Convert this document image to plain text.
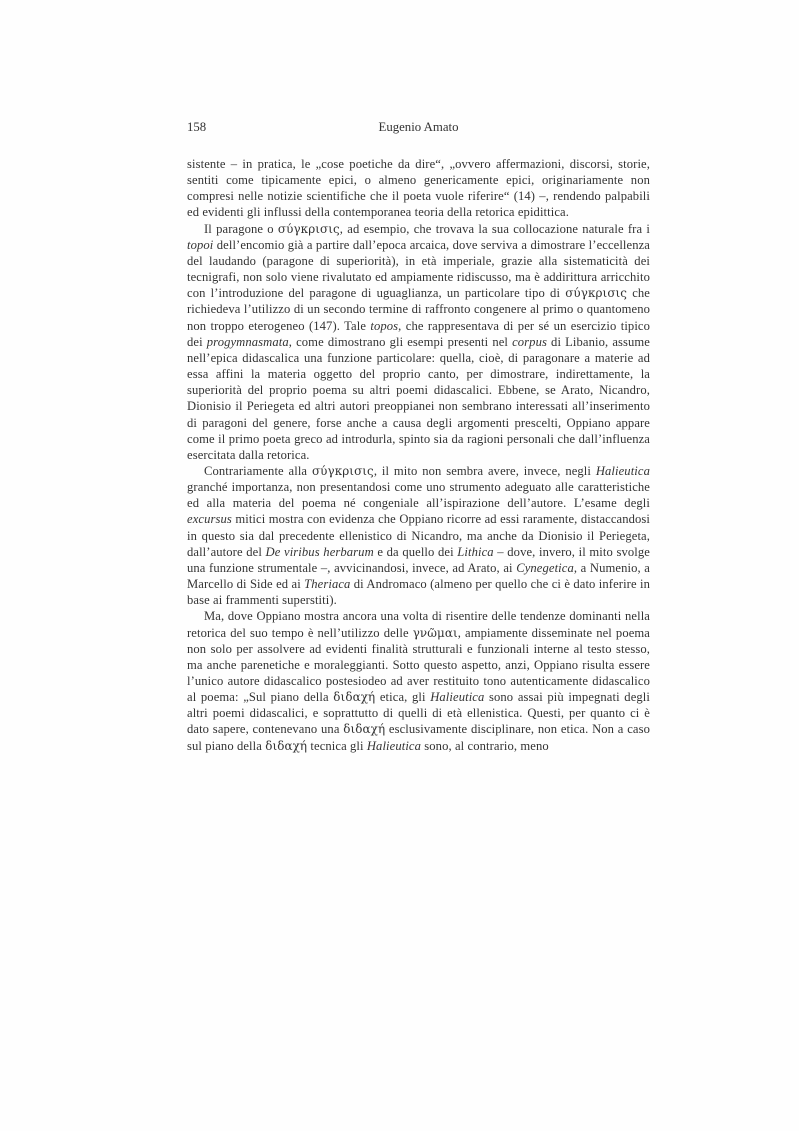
158	Eugenio Amato

sistente – in pratica, le „cose poetiche da dire“, „ovvero affermazioni, discorsi, storie, sentiti come tipicamente epici, o almeno genericamente epici, originariamente non compresi nelle notizie scientifiche che il poeta vuole riferire“ (14) –, rendendo palpabili ed evidenti gli influssi della contemporanea teoria della retorica epidittica.

Il paragone o σύγκρισις, ad esempio, che trovava la sua collocazione naturale fra i topoi dell’encomio già a partire dall’epoca arcaica, dove serviva a dimostrare l’eccellenza del laudando (paragone di superiorità), in età imperiale, grazie alla sistematicità dei tecnigrafi, non solo viene rivalutato ed ampiamente ridiscusso, ma è addirittura arricchito con l’introduzione del paragone di uguaglianza, un particolare tipo di σύγκρισις che richiedeva l’utilizzo di un secondo termine di raffronto congenere al primo o quantomeno non troppo eterogeneo (147). Tale topos, che rappresentava di per sé un esercizio tipico dei progymnasmata, come dimostrano gli esempi presenti nel corpus di Libanio, assume nell’epica didascalica una funzione particolare: quella, cioè, di paragonare a materie ad essa affini la materia oggetto del proprio canto, per dimostrare, indirettamente, la superiorità del proprio poema su altri poemi didascalici. Ebbene, se Arato, Nicandro, Dionisio il Periegeta ed altri autori preoppianei non sembrano interessati all’inserimento di paragoni del genere, forse anche a causa degli argomenti prescelti, Oppiano appare come il primo poeta greco ad introdurla, spinto sia da ragioni personali che dall’influenza esercitata dalla retorica.

Contrariamente alla σύγκρισις, il mito non sembra avere, invece, negli Halieutica granché importanza, non presentandosi come uno strumento adeguato alle caratteristiche ed alla materia del poema né congeniale all’ispirazione dell’autore. L’esame degli excursus mitici mostra con evidenza che Oppiano ricorre ad essi raramente, distaccandosi in questo sia dal precedente ellenistico di Nicandro, ma anche da Dionisio il Periegeta, dall’autore del De viribus herbarum e da quello dei Lithica – dove, invero, il mito svolge una funzione strumentale –, avvicinandosi, invece, ad Arato, ai Cynegetica, a Numenio, a Marcello di Side ed ai Theriaca di Andromaco (almeno per quello che ci è dato inferire in base ai frammenti superstiti).

Ma, dove Oppiano mostra ancora una volta di risentire delle tendenze dominanti nella retorica del suo tempo è nell’utilizzo delle γνῶμαι, ampiamente disseminate nel poema non solo per assolvere ad evidenti finalità strutturali e funzionali interne al testo stesso, ma anche parenetiche e moraleggianti. Sotto questo aspetto, anzi, Oppiano risulta essere l’unico autore didascalico postesiodeo ad aver restituito tono autenticamente didascalico al poema: „Sul piano della διδαχή etica, gli Halieutica sono assai più impegnati degli altri poemi didascalici, e soprattutto di quelli di età ellenistica. Questi, per quanto ci è dato sapere, contenevano una διδαχή esclusivamente disciplinare, non etica. Non a caso sul piano della διδαχή tecnica gli Halieutica sono, al contrario, meno
